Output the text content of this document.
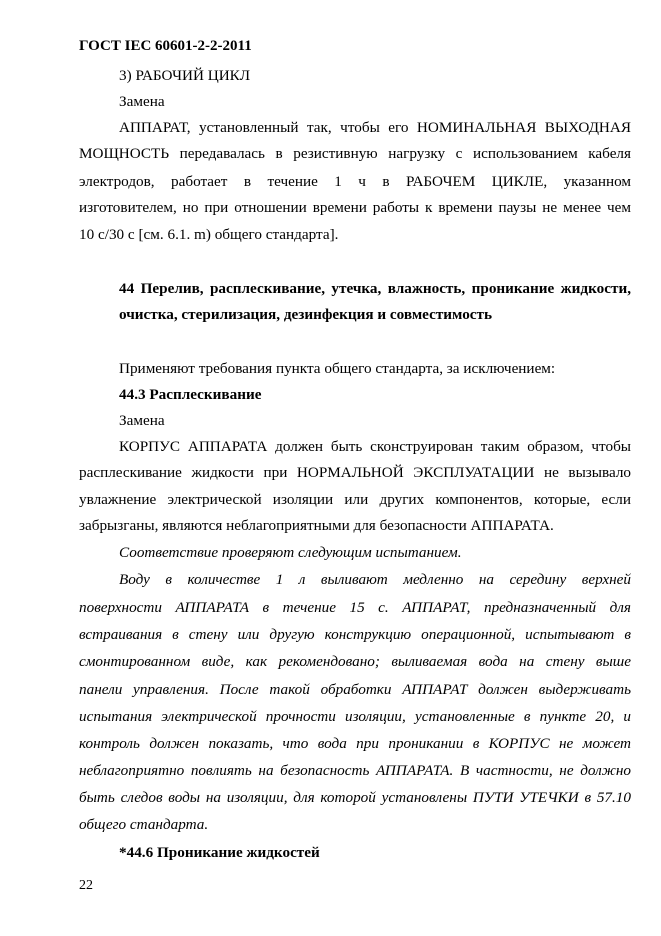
ГОСТ IEC 60601-2-2-2011
3) РАБОЧИЙ ЦИКЛ
Замена
АППАРАТ, установленный так, чтобы его НОМИНАЛЬНАЯ ВЫХОДНАЯ
МОЩНОСТЬ передавалась в резистивную нагрузку с использованием кабеля
электродов, работает в течение 1 ч в РАБОЧЕМ ЦИКЛЕ, указанном
изготовителем, но при отношении времени работы к времени паузы не менее чем
10 с/30 с [см. 6.1. m) общего стандарта].
44 Перелив, расплескивание, утечка, влажность, проникание жидкости,
очистка, стерилизация, дезинфекция и совместимость
Применяют требования пункта общего стандарта, за исключением:
44.3 Расплескивание
Замена
КОРПУС АППАРАТА должен быть сконструирован таким образом, чтобы
расплескивание жидкости при НОРМАЛЬНОЙ ЭКСПЛУАТАЦИИ не вызывало
увлажнение электрической изоляции или других компонентов, которые, если
забрызганы, являются неблагоприятными для безопасности АППАРАТА.
Соответствие проверяют следующим испытанием.
Воду в количестве 1 л выливают медленно на середину верхней
поверхности АППАРАТА в течение 15 с. АППАРАТ, предназначенный для
встраивания в стену или другую конструкцию операционной, испытывают в
смонтированном виде, как рекомендовано; выливаемая вода на стену выше
панели управления. После такой обработки АППАРАТ должен выдерживать
испытания электрической прочности изоляции, установленные в пункте 20, и
контроль должен показать, что вода при проникании в КОРПУС не может
неблагоприятно повлиять на безопасность АППАРАТА. В частности, не должно
быть следов воды на изоляции, для которой установлены ПУТИ УТЕЧКИ в 57.10
общего стандарта.
*44.6 Проникание жидкостей
22
